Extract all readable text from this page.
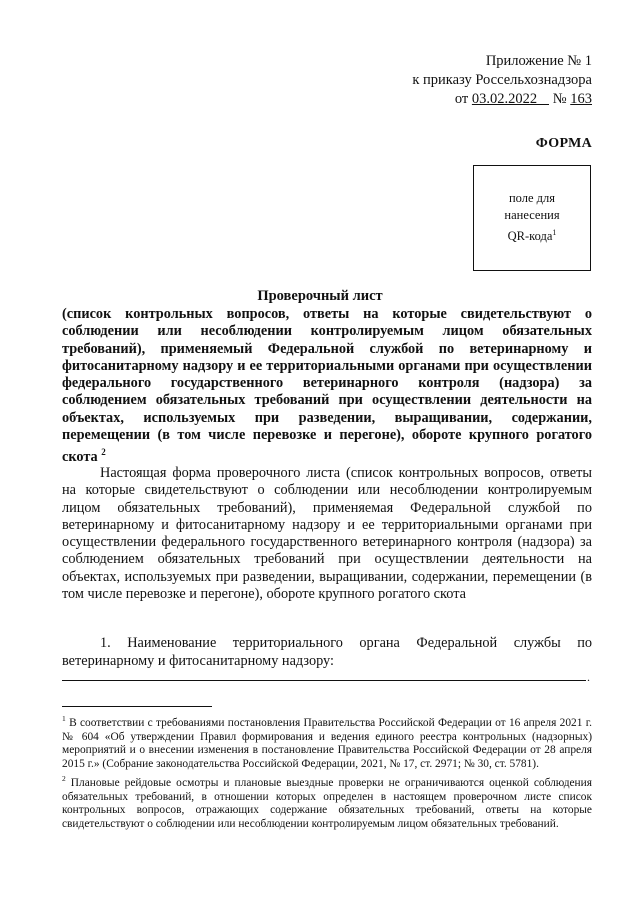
Приложение № 1
к приказу Россельхознадзора
от 03.02.2022 № 163
ФОРМА
поле для
нанесения
QR-кода$^1$
Проверочный лист
(список контрольных вопросов, ответы на которые свидетельствуют о соблюдении или несоблюдении контролируемым лицом обязательных требований), применяемый Федеральной службой по ветеринарному и фитосанитарному надзору и ее территориальными органами при осуществлении федерального государственного ветеринарного контроля (надзора) за соблюдением обязательных требований при осуществлении деятельности на объектах, используемых при разведении, выращивании, содержании, перемещении (в том числе перевозке и перегоне), обороте крупного рогатого скота $^2$
Настоящая форма проверочного листа (список контрольных вопросов, ответы на которые свидетельствуют о соблюдении или несоблюдении контролируемым лицом обязательных требований), применяемая Федеральной службой по ветеринарному и фитосанитарному надзору и ее территориальными органами при осуществлении федерального государственного ветеринарного контроля (надзора) за соблюдением обязательных требований при осуществлении деятельности на объектах, используемых при разведении, выращивании, содержании, перемещении (в том числе перевозке и перегоне), обороте крупного рогатого скота
1. Наименование территориального органа Федеральной службы по ветеринарному и фитосанитарному надзору:
.

$^1$ В соответствии с требованиями постановления Правительства Российской Федерации от 16 апреля 2021 г. № 604 «Об утверждении Правил формирования и ведения единого реестра контрольных (надзорных) мероприятий и о внесении изменения в постановление Правительства Российской Федерации от 28 апреля 2015 г.» (Собрание законодательства Российской Федерации, 2021, № 17, ст. 2971; № 30, ст. 5781).

$^2$ Плановые рейдовые осмотры и плановые выездные проверки не ограничиваются оценкой соблюдения обязательных требований, в отношении которых определен в настоящем проверочном листе список контрольных вопросов, отражающих содержание обязательных требований, ответы на которые свидетельствуют о соблюдении или несоблюдении контролируемым лицом обязательных требований.
